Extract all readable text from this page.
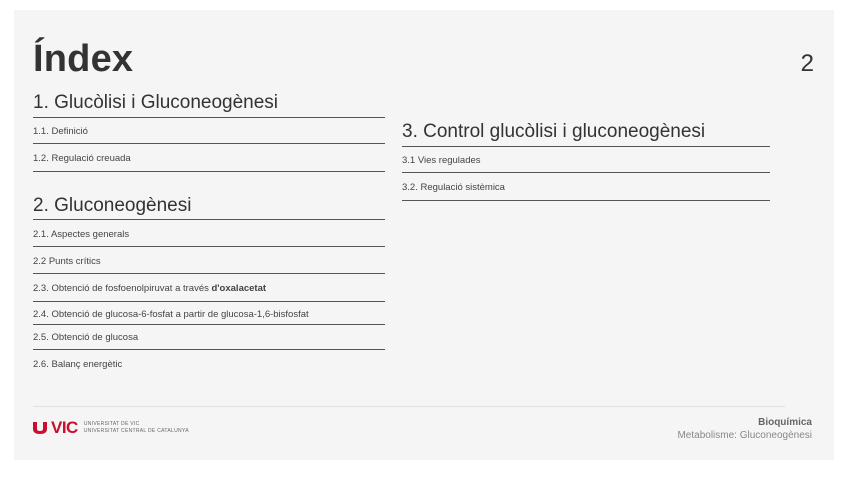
Índex	2
1. Glucòlisi i Gluconeogènesi
1.1. Definició
1.2. Regulació creuada
2. Gluconeogènesi
2.1. Aspectes generals
2.2 Punts crítics
2.3. Obtenció de fosfoenolpiruvat a través d'oxalacetat
2.4. Obtenció de glucosa-6-fosfat a partir de glucosa-1,6-bisfosfat
2.5. Obtenció de glucosa
2.6. Balanç energètic
3. Control glucòlisi i gluconeogènesi
3.1 Vies regulades
3.2. Regulació sistèmica
VIC UNIVERSITAT DE VIC
UNIVERSITAT CENTRAL DE CATALUNYA
Bioquímica
Metabolisme: Gluconeogènesi
